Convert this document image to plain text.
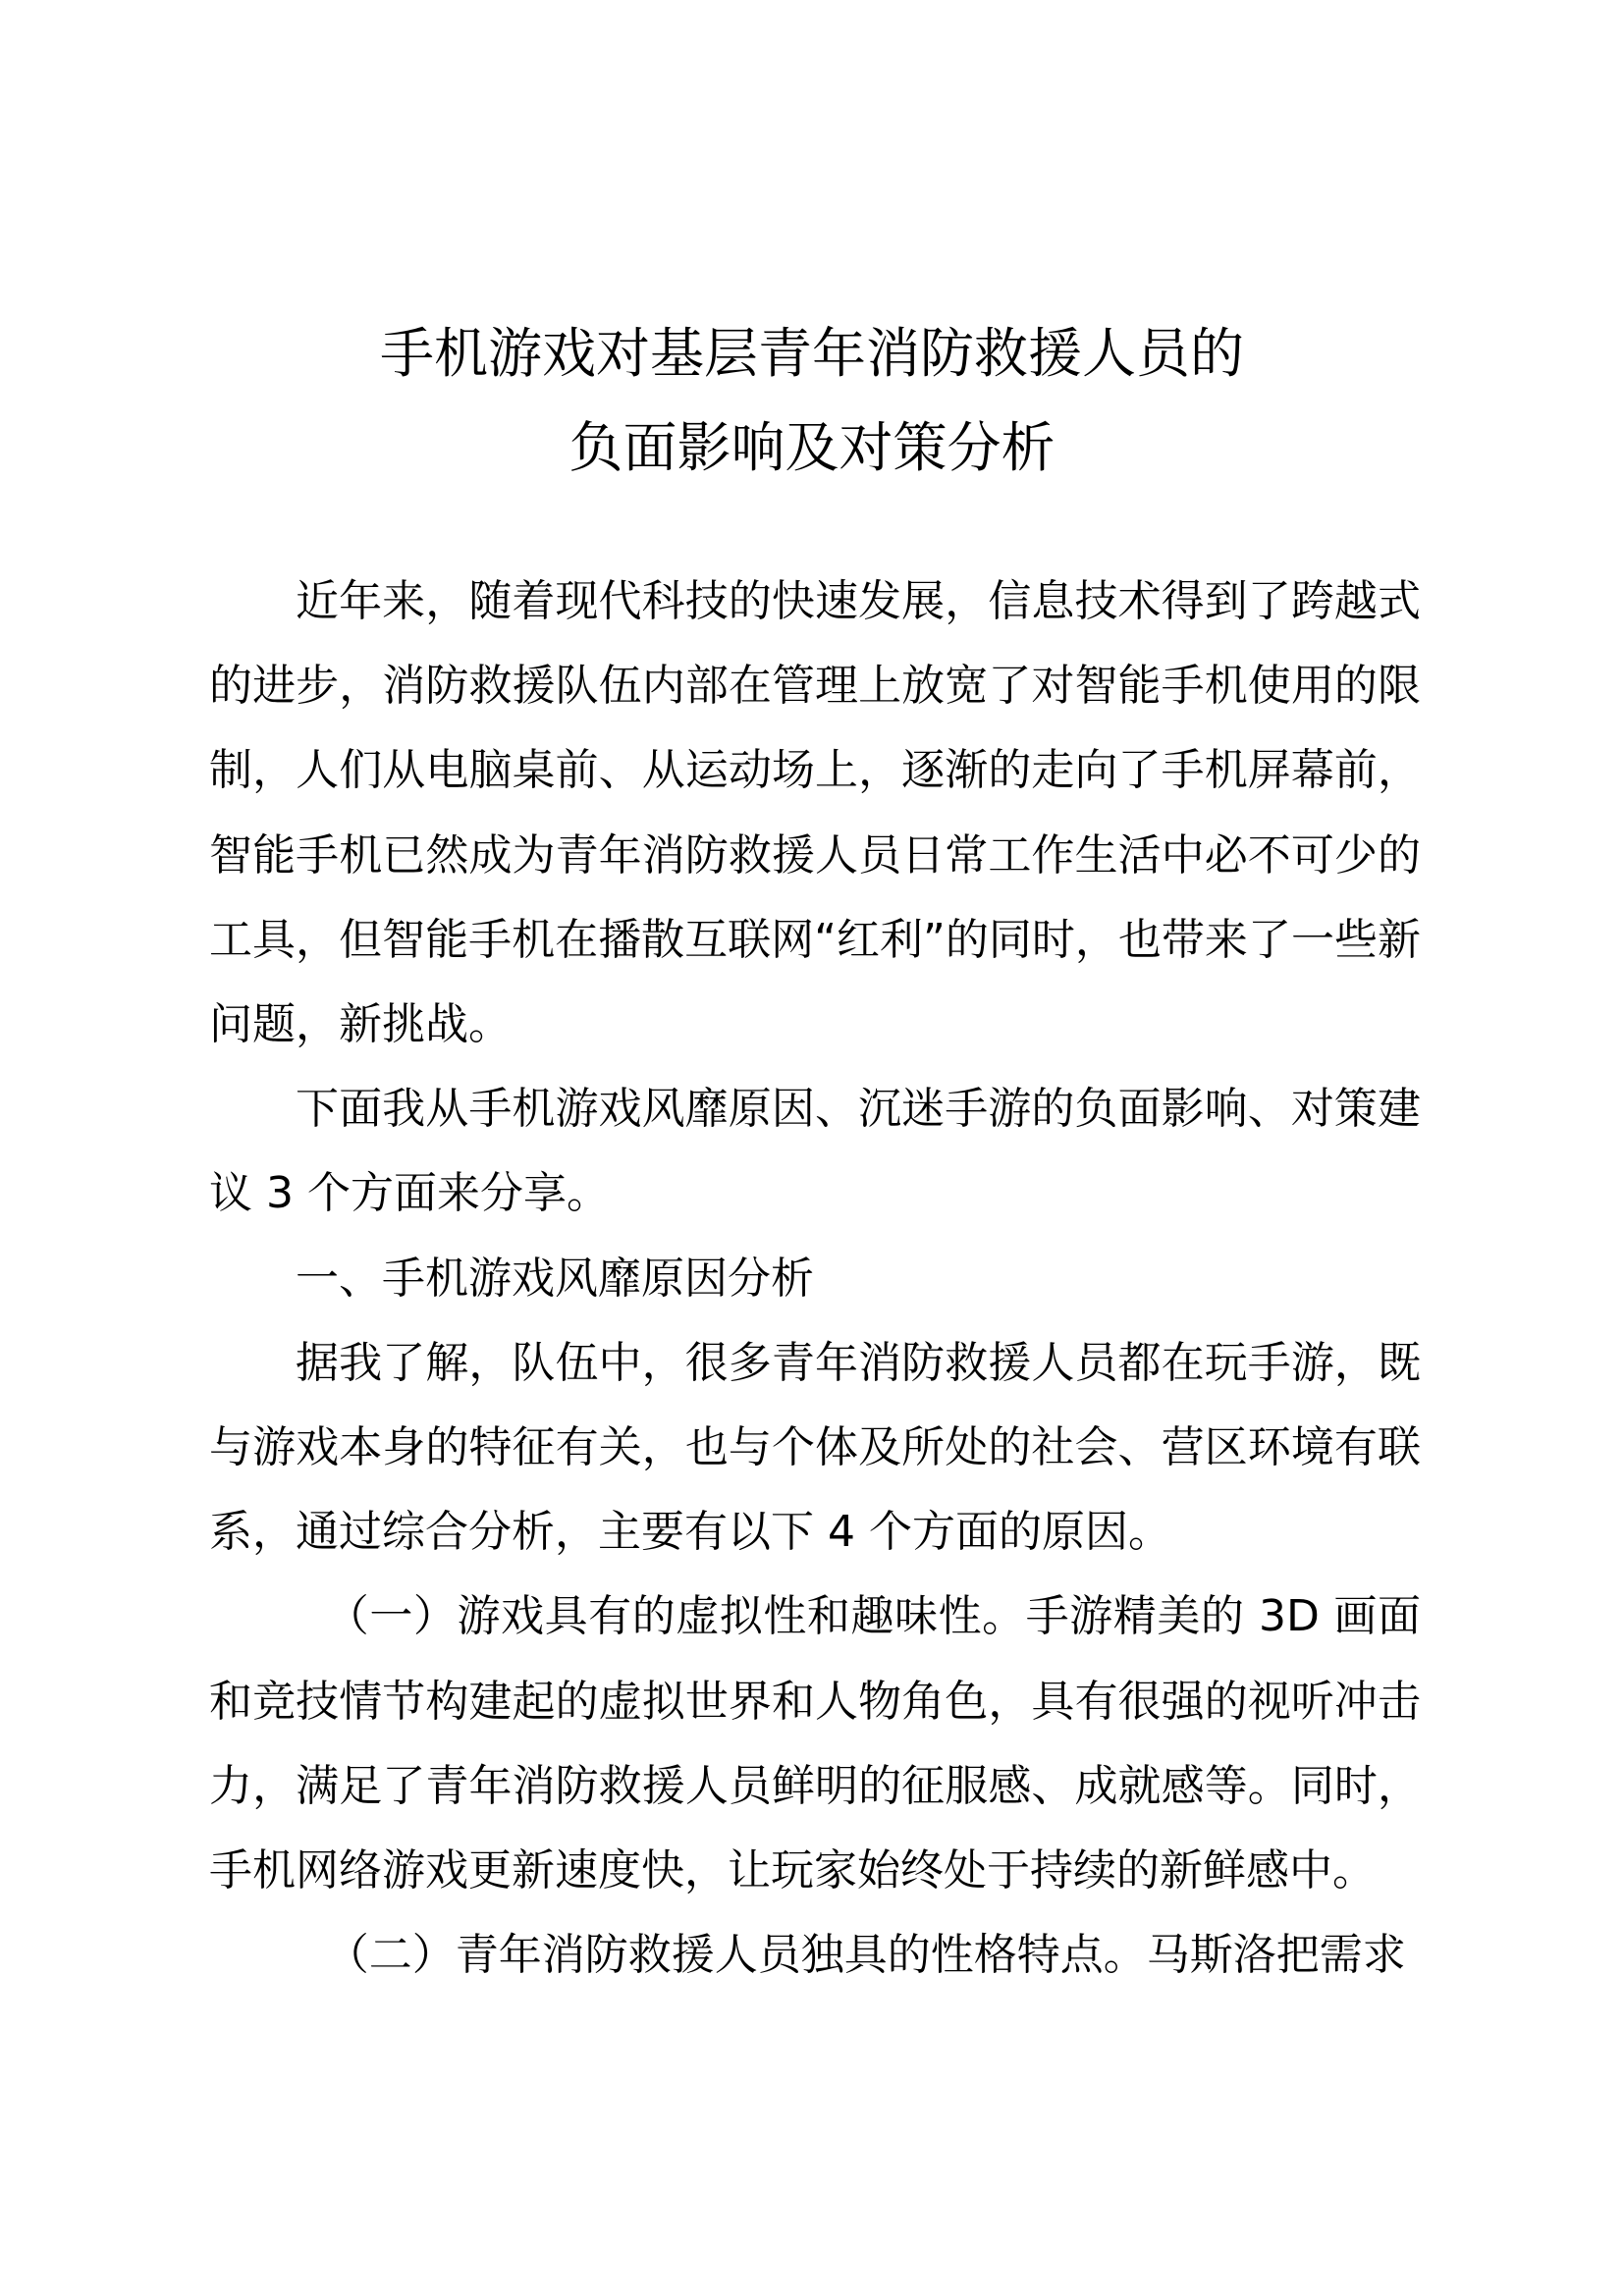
手机游戏对基层青年消防救援人员的
负面影响及对策分析

近年来，随着现代科技的快速发展，信息技术得到了跨越式的进步，消防救援队伍内部在管理上放宽了对智能手机使用的限制，人们从电脑桌前、从运动场上，逐渐的走向了手机屏幕前，智能手机已然成为青年消防救援人员日常工作生活中必不可少的工具，但智能手机在播散互联网“红利”的同时，也带来了一些新问题，新挑战。

下面我从手机游戏风靡原因、沉迷手游的负面影响、对策建议 3 个方面来分享。

一、手机游戏风靡原因分析

据我了解，队伍中，很多青年消防救援人员都在玩手游，既与游戏本身的特征有关，也与个体及所处的社会、营区环境有联系，通过综合分析，主要有以下 4 个方面的原因。

（一）游戏具有的虚拟性和趣味性。手游精美的 3D 画面和竞技情节构建起的虚拟世界和人物角色，具有很强的视听冲击力，满足了青年消防救援人员鲜明的征服感、成就感等。同时，手机网络游戏更新速度快，让玩家始终处于持续的新鲜感中。

（二）青年消防救援人员独具的性格特点。马斯洛把需求
